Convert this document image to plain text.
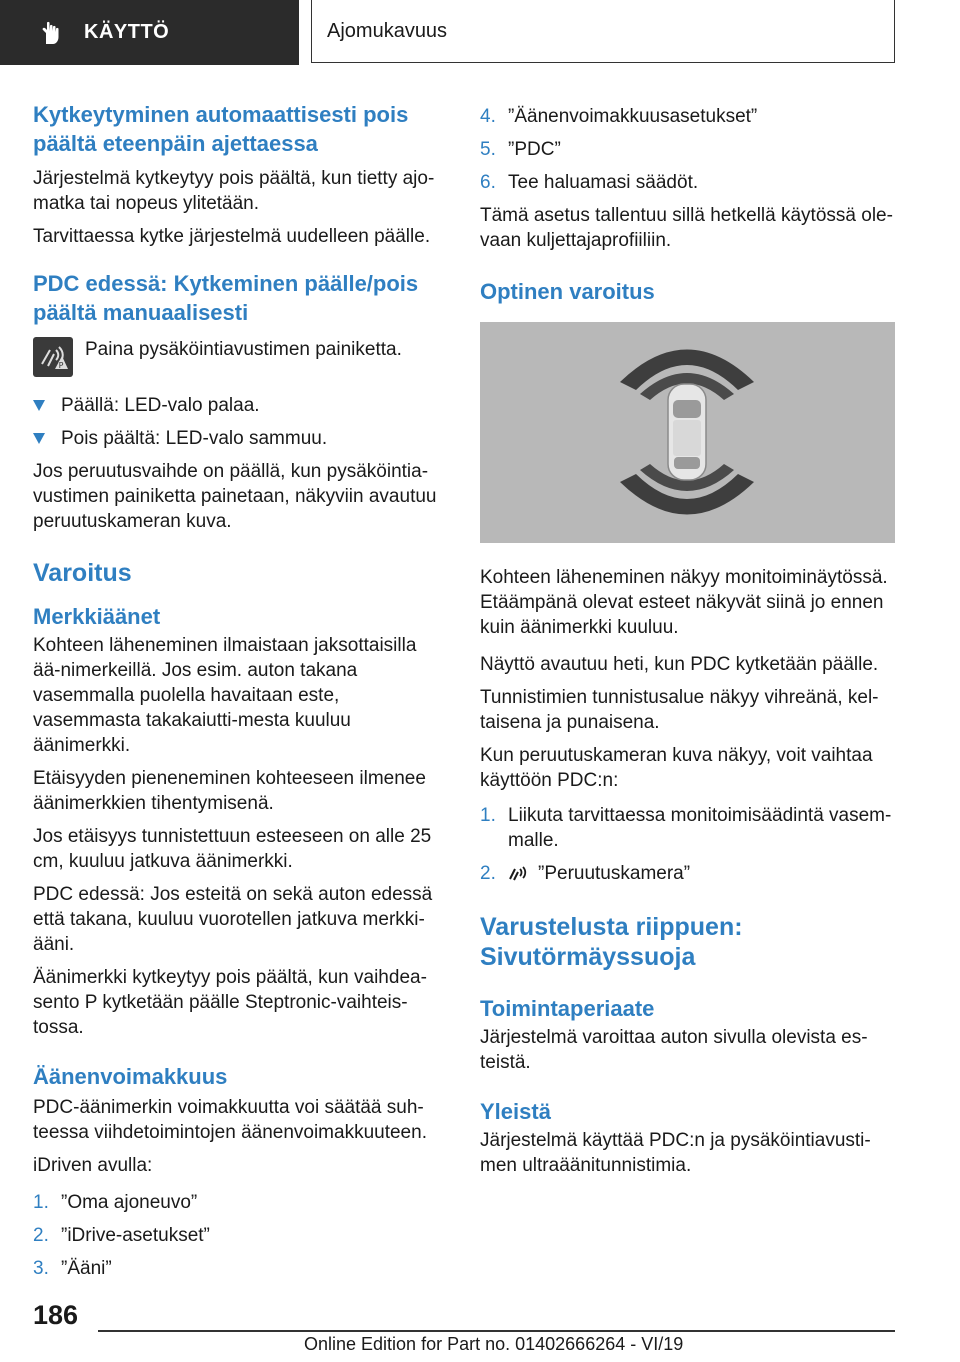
KÄYTTÖ	Ajomukavuus
Kytkeytyminen automaattisesti pois päältä eteenpäin ajettaessa

Järjestelmä kytkeytyy pois päältä, kun tietty ajo-matka tai nopeus ylitetään.

Tarvittaessa kytke järjestelmä uudelleen päälle.

PDC edessä: Kytkeminen päälle/pois päältä manuaalisesti
P

Paina pysäköintiavustimen painiketta.

Päällä: LED-valo palaa.
Pois päältä: LED-valo sammuu.

Jos peruutusvaihde on päällä, kun pysäköintia-vustimen painiketta painetaan, näkyviin avautuu peruutuskameran kuva.

Varoitus
Merkkiäänet

Kohteen läheneminen ilmaistaan jaksottaisilla ää-nimerkeillä. Jos esim. auton takana vasemmalla puolella havaitaan este, vasemmasta takakaiutti-mesta kuuluu äänimerkki.

Etäisyyden pieneneminen kohteeseen ilmenee äänimerkkien tihentymisenä.

Jos etäisyys tunnistettuun esteeseen on alle 25 cm, kuuluu jatkuva äänimerkki.

PDC edessä: Jos esteitä on sekä auton edessä että takana, kuuluu vuorotellen jatkuva merkki-ääni.

Äänimerkki kytkeytyy pois päältä, kun vaihdea-sento P kytketään päälle Steptronic-vaihteis-tossa.

Äänenvoimakkuus

PDC-äänimerkin voimakkuutta voi säätää suh-teessa viihdetoimintojen äänenvoimakkuuteen.

iDriven avulla:

1. ”Oma ajoneuvo”
2. ”iDrive-asetukset”
3. ”Ääni”
4. ”Äänenvoimakkuusasetukset”
5. ”PDC”
6. Tee haluamasi säädöt.

Tämä asetus tallentuu sillä hetkellä käytössä ole-vaan kuljettajaprofiiliin.

Optinen varoitus

Kohteen läheneminen näkyy monitoiminäytössä. Etäämpänä olevat esteet näkyvät siinä jo ennen kuin äänimerkki kuuluu.

Näyttö avautuu heti, kun PDC kytketään päälle.

Tunnistimien tunnistusalue näkyy vihreänä, kel-taisena ja punaisena.

Kun peruutuskameran kuva näkyy, voit vaihtaa käyttöön PDC:n:

1. Liikuta tarvittaessa monitoimisäädintä vasem-malle.
2. ”Peruutuskamera”
Varustelusta riippuen: Sivutörmäyssuoja
Toimintaperiaate

Järjestelmä varoittaa auton sivulla olevista es-teistä.

Yleistä

Järjestelmä käyttää PDC:n ja pysäköintiavusti-men ultraäänitunnistimia.

186
Online Edition for Part no. 01402666264 - VI/19
